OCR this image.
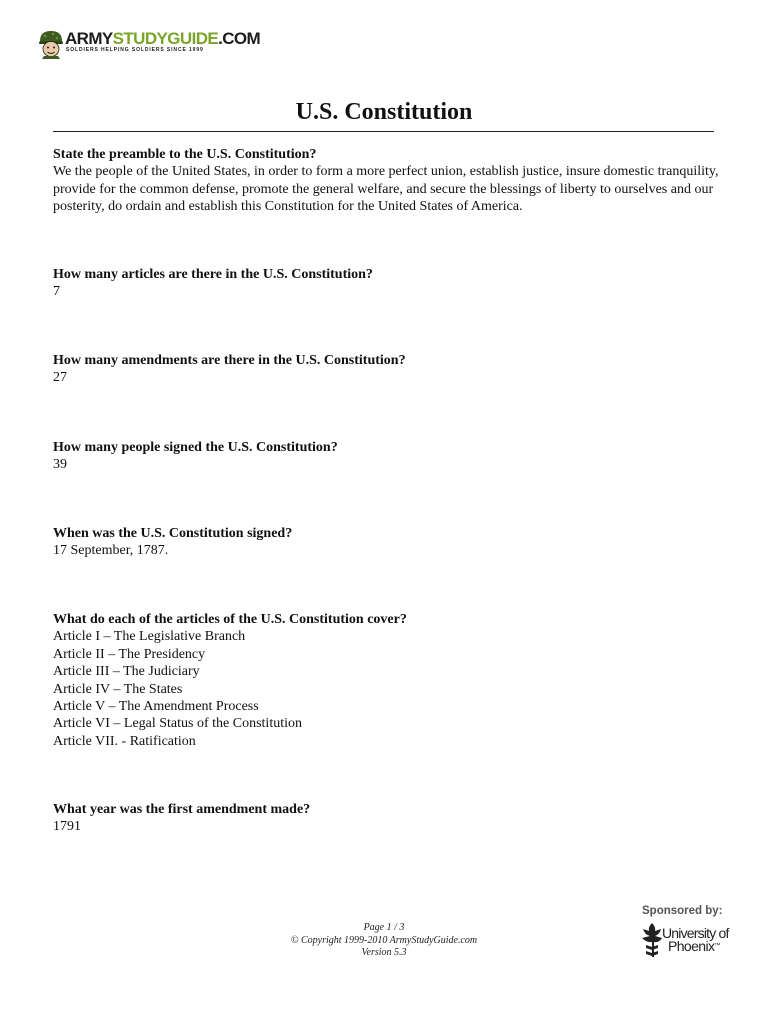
ARMYSTUDYGUIDE.COM
SOLDIERS HELPING SOLDIERS SINCE 1999
U.S. Constitution
State the preamble to the U.S. Constitution?
We the people of the United States, in order to form a more perfect union, establish justice, insure domestic tranquility, provide for the common defense, promote the general welfare, and secure the blessings of liberty to ourselves and our posterity, do ordain and establish this Constitution for the United States of America.
How many articles are there in the U.S. Constitution?
7
How many amendments are there in the U.S. Constitution?
27
How many people signed the U.S. Constitution?
39
When was the U.S. Constitution signed?
17 September, 1787.
What do each of the articles of the U.S. Constitution cover?
Article I – The Legislative Branch
Article II – The Presidency
Article III – The Judiciary
Article IV – The States
Article V – The Amendment Process
Article VI – Legal Status of the Constitution
Article VII. - Ratification
What year was the first amendment made?
1791
Page 1 / 3
© Copyright 1999-2010 ArmyStudyGuide.com
Version 5.3
Sponsored by:
University of
Phoenix™
